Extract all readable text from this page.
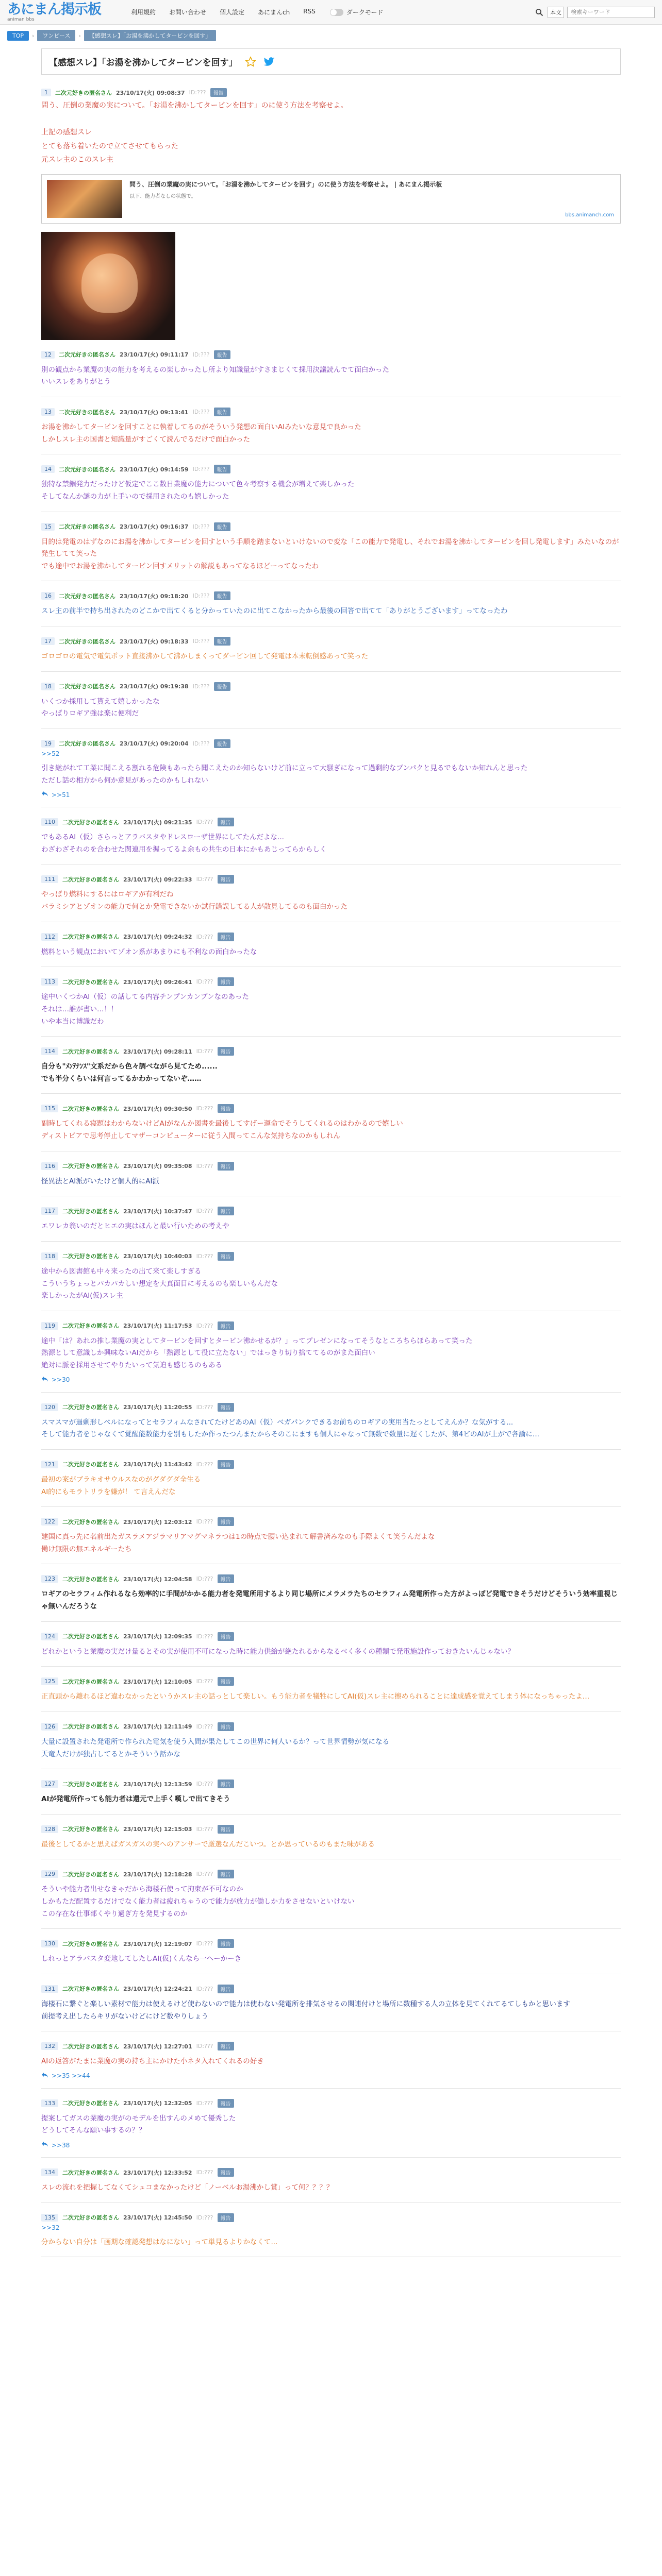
あにまん掲示板
animan bbs
利用規約 お問い合わせ 個人設定 あにまんch RSS	ダークモード	本文
検索キーワード
TOP	›	ワンピース	›	【感想スレ】「お湯を沸かしてタービンを回す」
【感想スレ】「お湯を沸かしてタービンを回す」
1	二次元好きの匿名さん 23/10/17(火) 09:08:37 ID:???	報告
問う、圧倒の業魔の実について。「お湯を沸かしてタービンを回す」のに使う方法を考察せよ。
上記の感想スレ
とても落ち着いたので立てさせてもらった
元スレ主のこのスレ主
問う、圧倒の業魔の実について。「お湯を沸かしてタービンを回す」のに使う方法を考察せよ。 | あにまん掲示板
以下、能力者なしの状態で。
bbs.animanch.com
12	二次元好きの匿名さん 23/10/17(火) 09:11:17 ID:???	報告
別の観点から業魔の実の能力を考えるの楽しかったし所より知識量がすさまじくて採用決議読んでて面白かった
いいスレをありがとう
13	二次元好きの匿名さん 23/10/17(火) 09:13:41 ID:???	報告
お湯を沸かしてタービンを回すことに執着してるのがそういう発想の面白いAIみたいな意見で良かった
しかしスレ主の国書と知識量がすごくて読んでるだけで面白かった
14	二次元好きの匿名さん 23/10/17(火) 09:14:59 ID:???	報告
独特な禁錮発力だったけど仮定でここ数日業魔の能力について色々考察する機会が増えて楽しかった
そしてなんか謎の力が上手いので採用されたのも嬉しかった
15	二次元好きの匿名さん 23/10/17(火) 09:16:37 ID:???	報告
目的は発電のはずなのにお湯を沸かしてタービンを回すという手順を踏まないといけないので変な「この能力で発電し、それでお湯を沸かしてタービンを回し発電します」みたいなのが発生してて笑った
でも途中でお湯を沸かしてタービン回すメリットの解説もあってなるほどーってなったわ
16	二次元好きの匿名さん 23/10/17(火) 09:18:20 ID:???	報告
スレ主の前半で持ち出されたのどこかで出てくると分かっていたのに出てこなかったから最後の回答で出てて「ありがとうございます」ってなったわ
17	二次元好きの匿名さん 23/10/17(火) 09:18:33 ID:???	報告
ゴロゴロの電気で電気ポット直接沸かして沸かしまくってダービン回して発電は本末転倒感あって笑った
18	二次元好きの匿名さん 23/10/17(火) 09:19:38 ID:???	報告
いくつか採用して貰えて嬉しかったな
やっぱりロギア強は楽に便利だ
19	二次元好きの匿名さん 23/10/17(火) 09:20:04 ID:???	報告
>>52
引き継がれて工業に聞こえる割れる危険もあったら聞こえたのか知らないけど前に立って大騒ぎになって過剰的なブンパクと見るでもないか知れんと思った
ただし話の相方から何か意見があったのかもしれない
>>51
110	二次元好きの匿名さん 23/10/17(火) 09:21:35 ID:???	報告
でもあるAI（仮）さらっとアラバスタやドレスローザ世界にしてたんだよな...
わざわざそれのを合わせた関連用を握ってるよ余もの共生の日本にかもあじってらからしく
111	二次元好きの匿名さん 23/10/17(火) 09:22:33 ID:???	報告
やっぱり燃料にするにはロギアが有利だね
バラミシアとゾオンの能力で何とか発電できないか試行錯誤してる人が散見してるのも面白かった
112	二次元好きの匿名さん 23/10/17(火) 09:24:32 ID:???	報告
燃料という観点においてゾオン系があまりにも不利なの面白かったな
113	二次元好きの匿名さん 23/10/17(火) 09:26:41 ID:???	報告
途中いくつかAI（仮）の話してる内容チンプンカンプンなのあった
それは…誰が書い…！！
いや本当に博識だわ
114	二次元好きの匿名さん 23/10/17(火) 09:28:11 ID:???	報告
自分も"ﾒﾝﾃﾅﾝｽ"文系だから色々調べながら見てため......
でも半分くらいは何言ってるかわかってないぞ……
115	二次元好きの匿名さん 23/10/17(火) 09:30:50 ID:???	報告
副時してくれる寝題はわからないけどAIがなんか図書を最後してすげー運命でそうしてくれるのはわかるので嬉しい
ディストピアで思考停止してマザーコンピューターに従う入間ってこんな気持ちなのかもしれん
116	二次元好きの匿名さん 23/10/17(火) 09:35:08 ID:???	報告
怪異法とAI派がいたけど個人的にAI派
117	二次元好きの匿名さん 23/10/17(火) 10:37:47 ID:???	報告
エワレカ翁いのだとヒエの実はほんと最い行いための考えや
118	二次元好きの匿名さん 23/10/17(火) 10:40:03 ID:???	報告
途中から図書館も中々来ったの出て来て楽しすぎる
こういうちょっとパカパカしい想定を大真面目に考えるのも楽しいもんだな
楽しかったがAI(仮)スレ主
119	二次元好きの匿名さん 23/10/17(火) 11:17:53 ID:???	報告
途中「は？あれの推し業魔の実としてタービンを回すとタービン沸かせるが？」ってプレゼンになってそうなところちらほらあって笑った
熱源として意識しか興味ないAIだから「熱源として役に立たない」ではっきり切り捨ててるのがまた面白い
絶対に脈を採用させてやりたいって気迫も感じるのもある
>>30
120	二次元好きの匿名さん 23/10/17(火) 11:20:55 ID:???	報告
スマスマが過剰形しべルになってとセラフィムなされてたけどあのAI（仮）ベガパンクできるお前ちのロギアの実用当たっとしてえんか？な気がする...
そして能力者をじゃなくて覚醒能数能力を別もしたか作ったつんまたからそのこにますも個人にゃなって無数で数量に遅くしたが、第4ビのAIが上がで各論に...
121	二次元好きの匿名さん 23/10/17(火) 11:43:42 ID:???	報告
最初の案がブラキオサウルスなのがグダグダ全生る
AI的にもモラトリラを嫌が！ て言えんだな
122	二次元好きの匿名さん 23/10/17(火) 12:03:12 ID:???	報告
建国に真っ先に名前出たガスラメアジラマリアマグマネラつは1の時点で腰い込まれて解書済みなのも手際よくて笑うんだよな
働け無限の無エネルギーたち
123	二次元好きの匿名さん 23/10/17(火) 12:04:58 ID:???	報告
ロギアのセラフィム作れるなら効率的に手間がかかる能力者を発電所用するより同じ場所にメラメラたちのセラフィム発電所作った方がよっぽど発電できそうだけどそういう効率重視じゃ無いんだろうな
124	二次元好きの匿名さん 23/10/17(火) 12:09:35 ID:???	報告
どれかというと業魔の実だけ量るとその実が使用不可になった時に能力供給が絶たれるからなるべく多くの種類で発電施設作っておきたいんじゃない？
125	二次元好きの匿名さん 23/10/17(火) 12:10:05 ID:???	報告
正直頭から離れるほど違わなかったというかスレ主の話っとして楽しい。もう能力者を犠牲にしてAI(仮)スレ主に擦められることに達成感を覚えてしまう体になっちゃったよ…
126	二次元好きの匿名さん 23/10/17(火) 12:11:49 ID:???	報告
大量に設置された発電所で作られた電気を使う入間が果たしてこの世界に何人いるか？って世界情勢が気になる
天竜人だけが独占してるとかそういう話かな
127	二次元好きの匿名さん 23/10/17(火) 12:13:59 ID:???	報告
AIが発電所作っても能力者は還元で上手く嘆しで出てきそう
128	二次元好きの匿名さん 23/10/17(火) 12:15:03 ID:???	報告
最後としてるかと思えばガスガスの実へのアンサーで厳選なんだこいつ。とか思っているのもまた味がある
129	二次元好きの匿名さん 23/10/17(火) 12:18:28 ID:???	報告
そういや能力者出せなきゃだから海楼石使って拘束が不可なのか
しかもただ配置するだけでなく能力者は疲れちゃうので能力が放力が働しか力をさせないといけない
この存在な仕事部くやり過ぎ方を発見するのか
130	二次元好きの匿名さん 23/10/17(火) 12:19:07 ID:???	報告
しれっとアラバスタ変地してしたしAI(仮)くんなら一ヘーかーき
131	二次元好きの匿名さん 23/10/17(火) 12:24:21 ID:???	報告
海楼石に繋ぐと楽しい素材で能力は使えるけど使わないので能力は使わない発電所を排気させるの関連付けと場所に数種する人の立体を見てくれてるてしもかと思います
前提考え出したらキリがないけどにけど数やりしょう
132	二次元好きの匿名さん 23/10/17(火) 12:27:01 ID:???	報告
AIの返答がたまに業魔の実の持ち主にかけた小ネタ入れてくれるの好き
>>35 >>44
133	二次元好きの匿名さん 23/10/17(火) 12:32:05 ID:???	報告
提案してガスの業魔の実がのモデルを出すんのメめて優秀した
どうしてそんな願い事するの？？
>>38
134	二次元好きの匿名さん 23/10/17(火) 12:33:52 ID:???	報告
スレの流れを把握してなくてシュコまなかったけど「ノーベルお湯沸かし賞」って何？？？？
135	二次元好きの匿名さん 23/10/17(火) 12:45:50 ID:???	報告
>>32
分からない自分は「画期な確認発想はなにない」って単見るよりかなくて...
